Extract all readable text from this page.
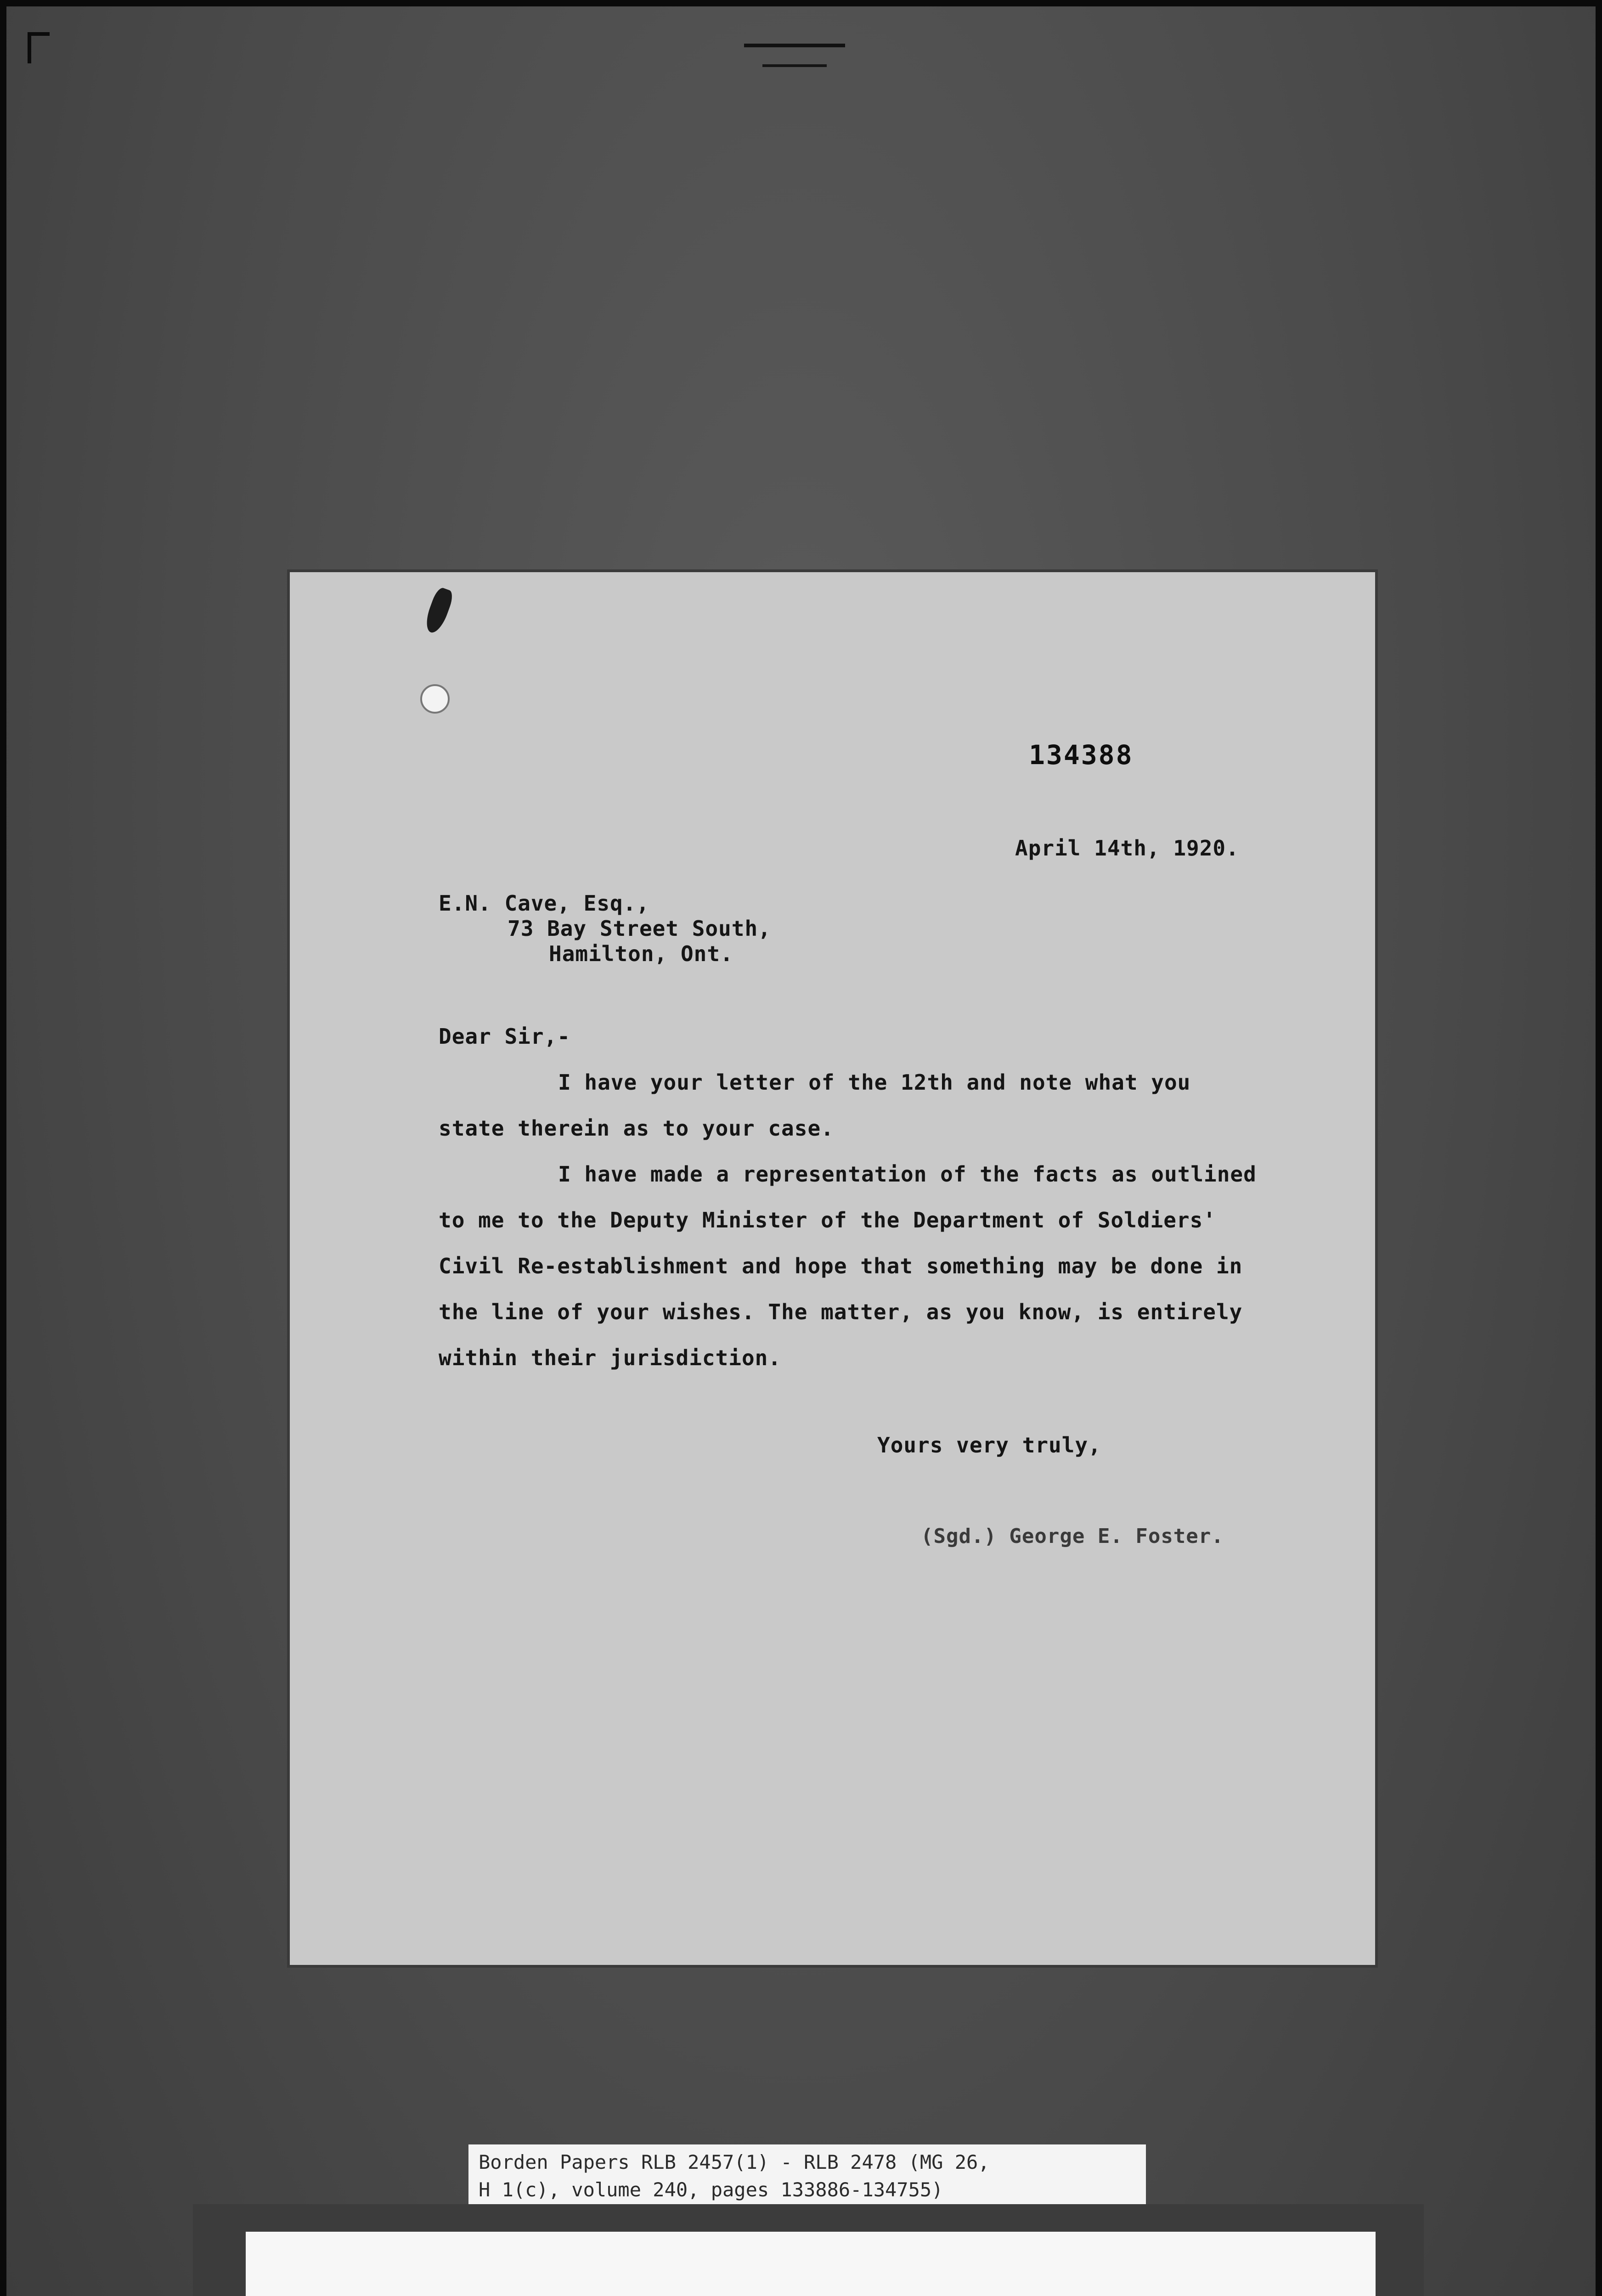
134388
April 14th, 1920.
E.N. Cave, Esq.,
73 Bay Street South,
Hamilton, Ont.
Dear Sir,-
I have your letter of the 12th and note what you
state therein as to your case.
I have made a representation of the facts as outlined
to me to the Deputy Minister of the Department of Soldiers'
Civil Re-establishment and hope that something may be done in
the line of your wishes. The matter, as you know, is entirely
within their jurisdiction.
Yours very truly,
(Sgd.) George E. Foster.
Borden Papers RLB 2457(1) - RLB 2478 (MG 26,
H 1(c), volume 240, pages 133886-134755)
